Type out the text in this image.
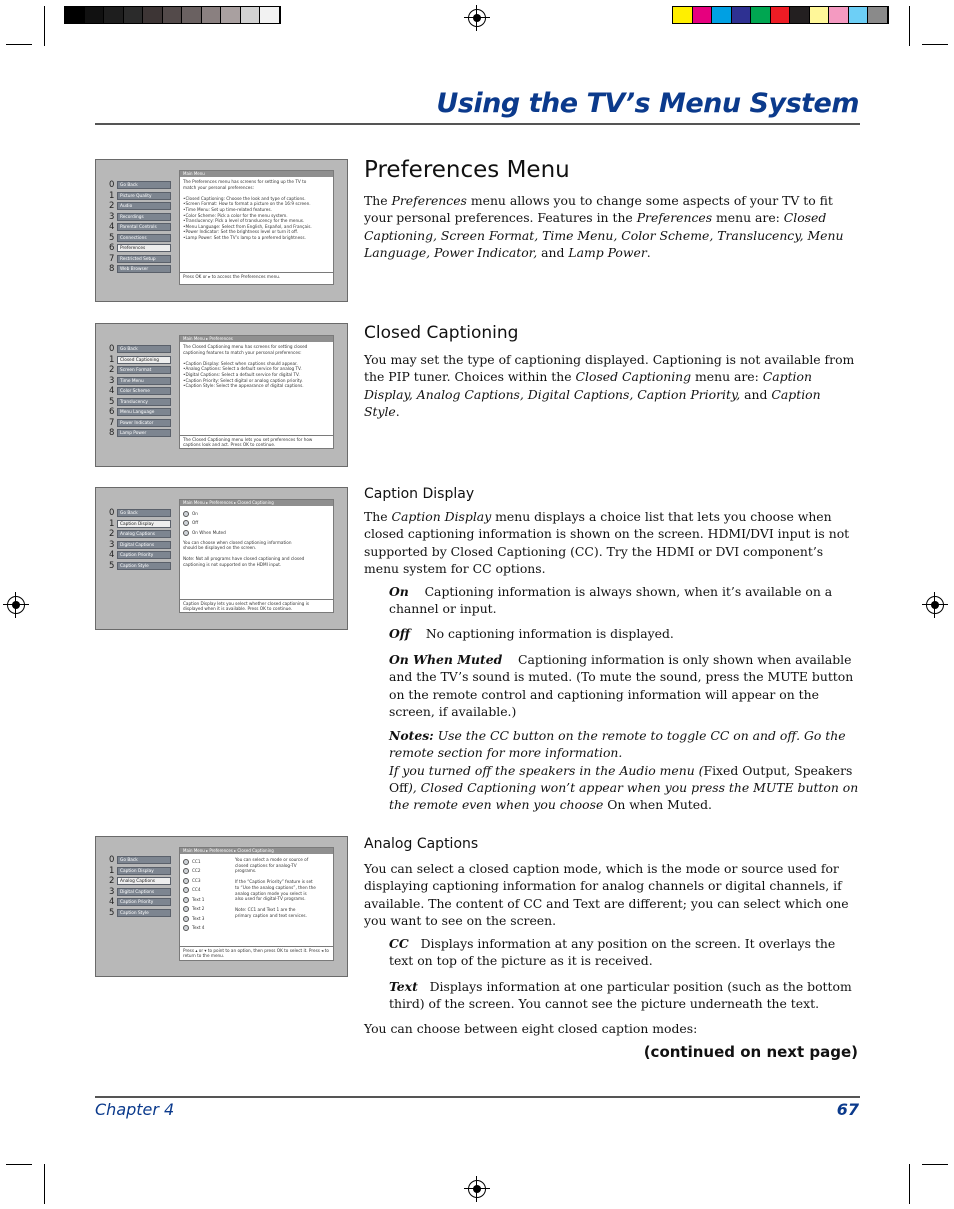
Using the TV’s Menu System
Preferences Menu
The Preferences menu allows you to change some aspects of your TV to fit your personal preferences. Features in the Preferences menu are: Closed Captioning, Screen Format, Time Menu, Color Scheme, Translucency, Menu Language, Power Indicator, and Lamp Power.
0	Go Back
1	Picture Quality
2	Audio
3	Recordings
4	Parental Controls
5	Connections
6	Preferences
7	Restricted Setup
8	Web Browser
Main Menu
The Preferences menu has screens for setting up the TV to
match your personal preferences:
•Closed Captioning: Choose the look and type of captions.
•Screen Format: How to format a picture on the 16:9 screen.
•Time Menu: Set up time-related features.
•Color Scheme: Pick a color for the menu system.
•Translucency: Pick a level of translucency for the menus.
•Menu Language: Select from English, Español, and Français.
•Power Indicator: Set the brightness level or turn it off.
•Lamp Power: Set the TV’s lamp to a preferred brightness.
Press OK or ▸ to access the Preferences menu.
Closed Captioning
You may set the type of captioning displayed. Captioning is not available from the PIP tuner. Choices within the Closed Captioning menu are: Caption Display, Analog Captions, Digital Captions, Caption Priority, and Caption Style.
0	Go Back
1	Closed Captioning
2	Screen Format
3	Time Menu
4	Color Scheme
5	Translucency
6	Menu Language
7	Power Indicator
8	Lamp Power
Main Menu ▸ Preferences
The Closed Captioning menu has screens for setting closed
captioning features to match your personal preferences:
•Caption Display: Select when captions should appear.
•Analog Captions: Select a default service for analog TV.
•Digital Captions: Select a default service for digital TV.
•Caption Priority: Select digital or analog caption priority.
•Caption Style: Select the appearance of digital captions.
The Closed Captioning menu lets you set preferences for how captions look and act. Press OK to continue.
Caption Display
The Caption Display menu displays a choice list that lets you choose when closed captioning information is shown on the screen. HDMI/DVI input is not supported by Closed Captioning (CC). Try the HDMI or DVI component’s menu system for CC options.
On Captioning information is always shown, when it’s available on a channel or input.
Off No captioning information is displayed.
On When Muted Captioning information is only shown when available and the TV’s sound is muted. (To mute the sound, press the MUTE button on the remote control and captioning information will appear on the screen, if available.)
Notes: Use the CC button on the remote to toggle CC on and off. Go the remote section for more information.
If you turned off the speakers in the Audio menu (Fixed Output, Speakers Off), Closed Captioning won’t appear when you press the MUTE button on the remote even when you choose On when Muted.
0	Go Back
1	Caption Display
2	Analog Captions
3	Digital Captions
4	Caption Priority
5	Caption Style
Main Menu ▸ Preferences ▸ Closed Captioning
On
Off
On When Muted
You can choose when closed captioning information
should be displayed on the screen.
Note: Not all programs have closed captioning and closed
captioning is not supported on the HDMI input.
Caption Display lets you select whether closed captioning is displayed when it is available. Press OK to continue.
Analog Captions
You can select a closed caption mode, which is the mode or source used for displaying captioning information for analog channels or digital channels, if available. The content of CC and Text are different; you can select which one you want to see on the screen.
CC Displays information at any position on the screen. It overlays the text on top of the picture as it is received.
Text Displays information at one particular position (such as the bottom third) of the screen. You cannot see the picture underneath the text.
You can choose between eight closed caption modes:
0	Go Back
1	Caption Display
2	Analog Captions
3	Digital Captions
4	Caption Priority
5	Caption Style
Main Menu ▸ Preferences ▸ Closed Captioning
CC1
CC2
CC3
CC4
Text 1
Text 2
Text 3
Text 4
You can select a mode or source of
closed captions for analog-TV
programs.
If the “Caption Priority” feature is set
to “Use the analog captions”, then the
analog caption mode you select is
also used for digital-TV programs.
Note: CC1 and Text 1 are the
primary caption and text services.
Press ▴ or ▾ to point to an option, then press OK to select it. Press ◂ to return to the menu.
(continued on next page)
Chapter 4	67
